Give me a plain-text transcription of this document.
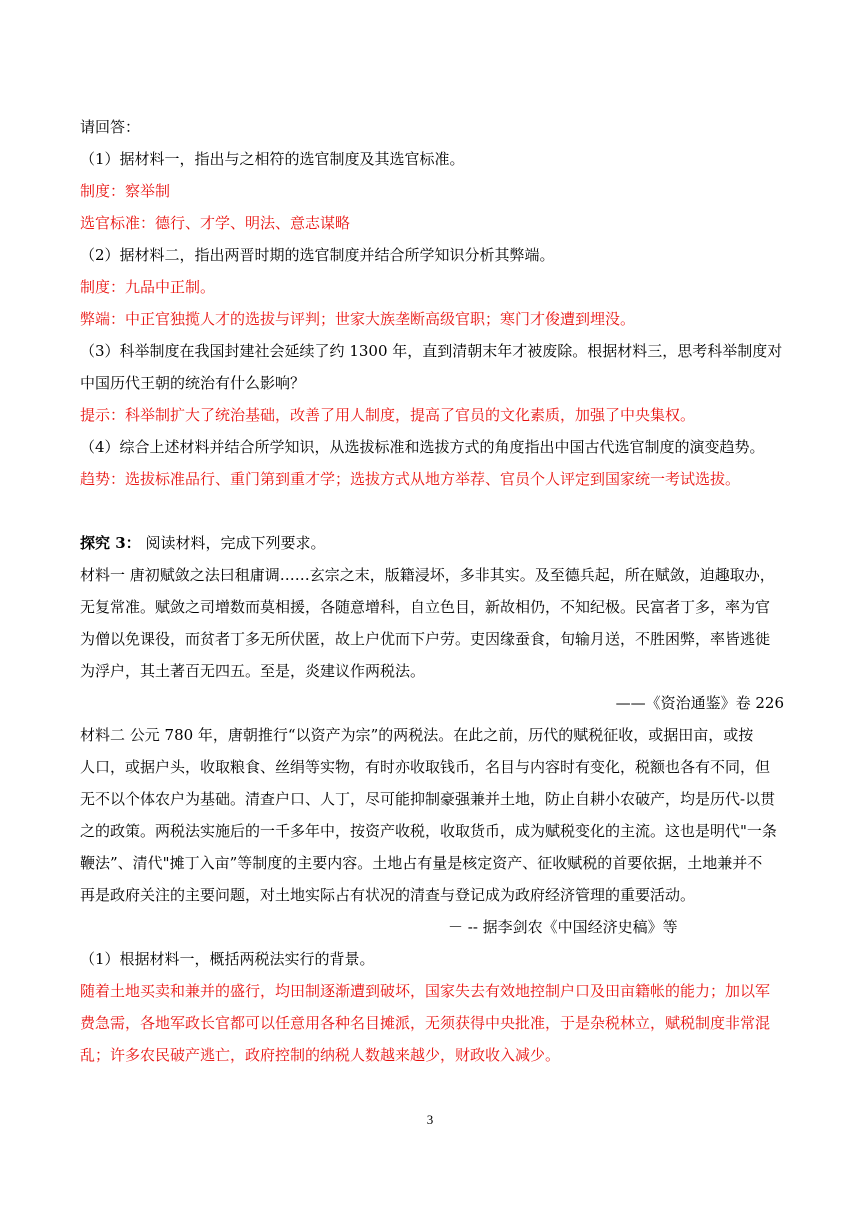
请回答：
（1）据材料一，指出与之相符的选官制度及其选官标准。
制度：察举制
选官标准：德行、才学、明法、意志谋略
（2）据材料二，指出两晋时期的选官制度并结合所学知识分析其弊端。
制度：九品中正制。
弊端：中正官独揽人才的选拔与评判；世家大族垄断高级官职；寒门才俊遭到埋没。
（3）科举制度在我国封建社会延续了约 1300 年，直到清朝末年才被废除。根据材料三，思考科举制度对
中国历代王朝的统治有什么影响？
提示：科举制扩大了统治基础，改善了用人制度，提高了官员的文化素质，加强了中央集权。
（4）综合上述材料并结合所学知识，从选拔标准和选拔方式的角度指出中国古代选官制度的演变趋势。
趋势：选拔标准品行、重门第到重才学；选拔方式从地方举荐、官员个人评定到国家统一考试选拔。
探究 3： 阅读材料，完成下列要求。
材料一 唐初赋敛之法曰租庸调……玄宗之末，版籍浸坏，多非其实。及至德兵起，所在赋敛，迫趣取办，
无复常准。赋敛之司增数而莫相援，各随意增科，自立色目，新故相仍，不知纪极。民富者丁多，率为官
为僧以免课役，而贫者丁多无所伏匿，故上户优而下户劳。吏因缘蚕食，旬输月送，不胜困弊，率皆逃徙
为浮户，其土著百无四五。至是，炎建议作两税法。
——《资治通鉴》卷 226
材料二 公元 780 年，唐朝推行“以资产为宗”的两税法。在此之前，历代的赋税征收，或据田亩，或按
人口，或据户头，收取粮食、丝绢等实物，有时亦收取钱币，名目与内容时有变化，税额也各有不同，但
无不以个体农户为基础。清查户口、人丁，尽可能抑制豪强兼并土地，防止自耕小农破产，均是历代-以贯
之的政策。两税法实施后的一千多年中，按资产收税，收取货币，成为赋税变化的主流。这也是明代"一条
鞭法”、清代"摊丁入亩”等制度的主要内容。土地占有量是核定资产、征收赋税的首要依据，土地兼并不
再是政府关注的主要问题，对土地实际占有状况的清查与登记成为政府经济管理的重要活动。
－ -- 据李剑农《中国经济史稿》等
（1）根据材料一，概括两税法实行的背景。
随着土地买卖和兼并的盛行，均田制逐渐遭到破坏，国家失去有效地控制户口及田亩籍帐的能力；加以军
费急需，各地军政长官都可以任意用各种名目摊派，无须获得中央批准，于是杂税林立，赋税制度非常混
乱；许多农民破产逃亡，政府控制的纳税人数越来越少，财政收入减少。
3
